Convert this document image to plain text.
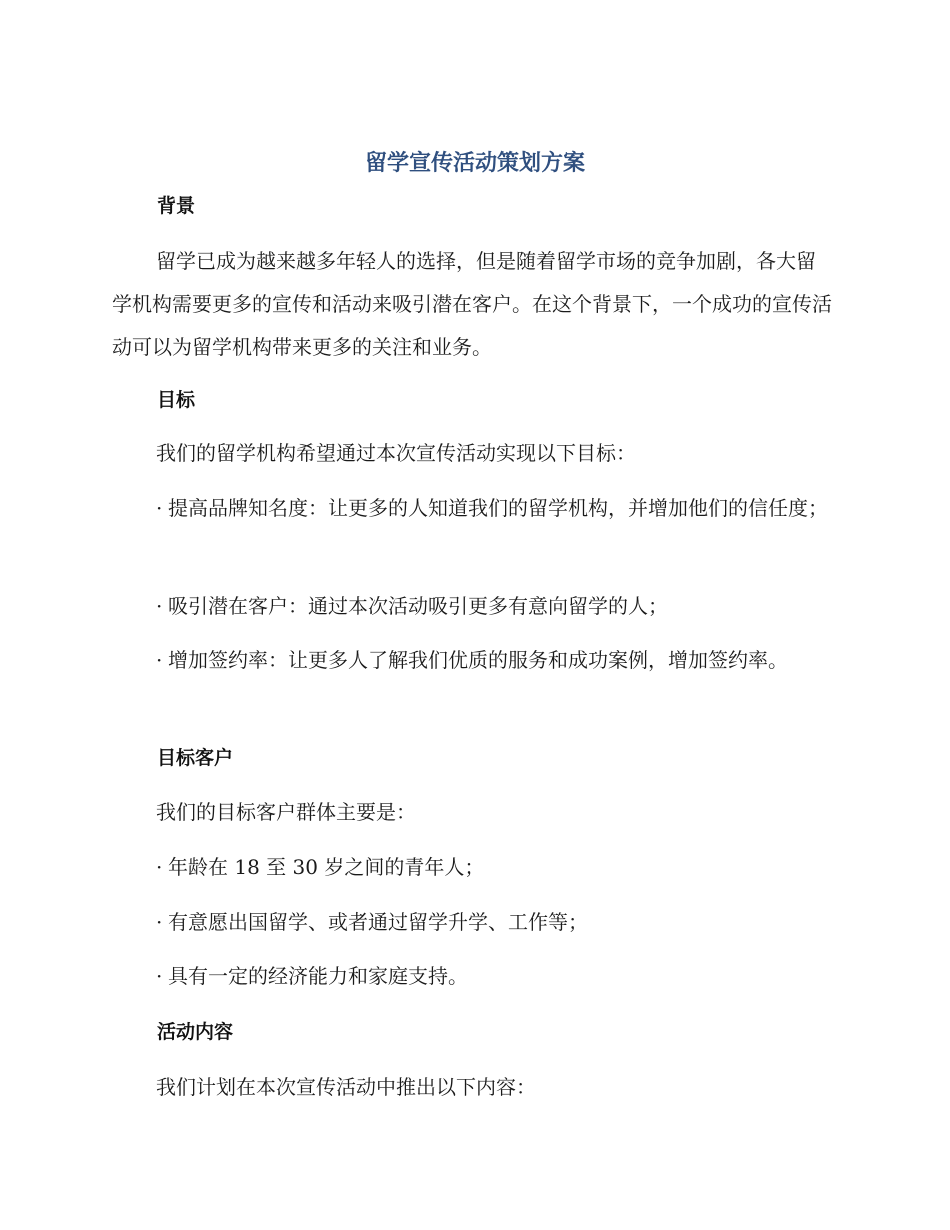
留学宣传活动策划方案
背景

留学已成为越来越多年轻人的选择，但是随着留学市场的竞争加剧，各大留学机构需要更多的宣传和活动来吸引潜在客户。在这个背景下，一个成功的宣传活动可以为留学机构带来更多的关注和业务。

目标

我们的留学机构希望通过本次宣传活动实现以下目标：

· 提高品牌知名度：让更多的人知道我们的留学机构，并增加他们的信任度；

· 吸引潜在客户：通过本次活动吸引更多有意向留学的人；

· 增加签约率：让更多人了解我们优质的服务和成功案例，增加签约率。

目标客户

我们的目标客户群体主要是：

· 年龄在 18 至 30 岁之间的青年人；

· 有意愿出国留学、或者通过留学升学、工作等；

· 具有一定的经济能力和家庭支持。

活动内容

我们计划在本次宣传活动中推出以下内容：
